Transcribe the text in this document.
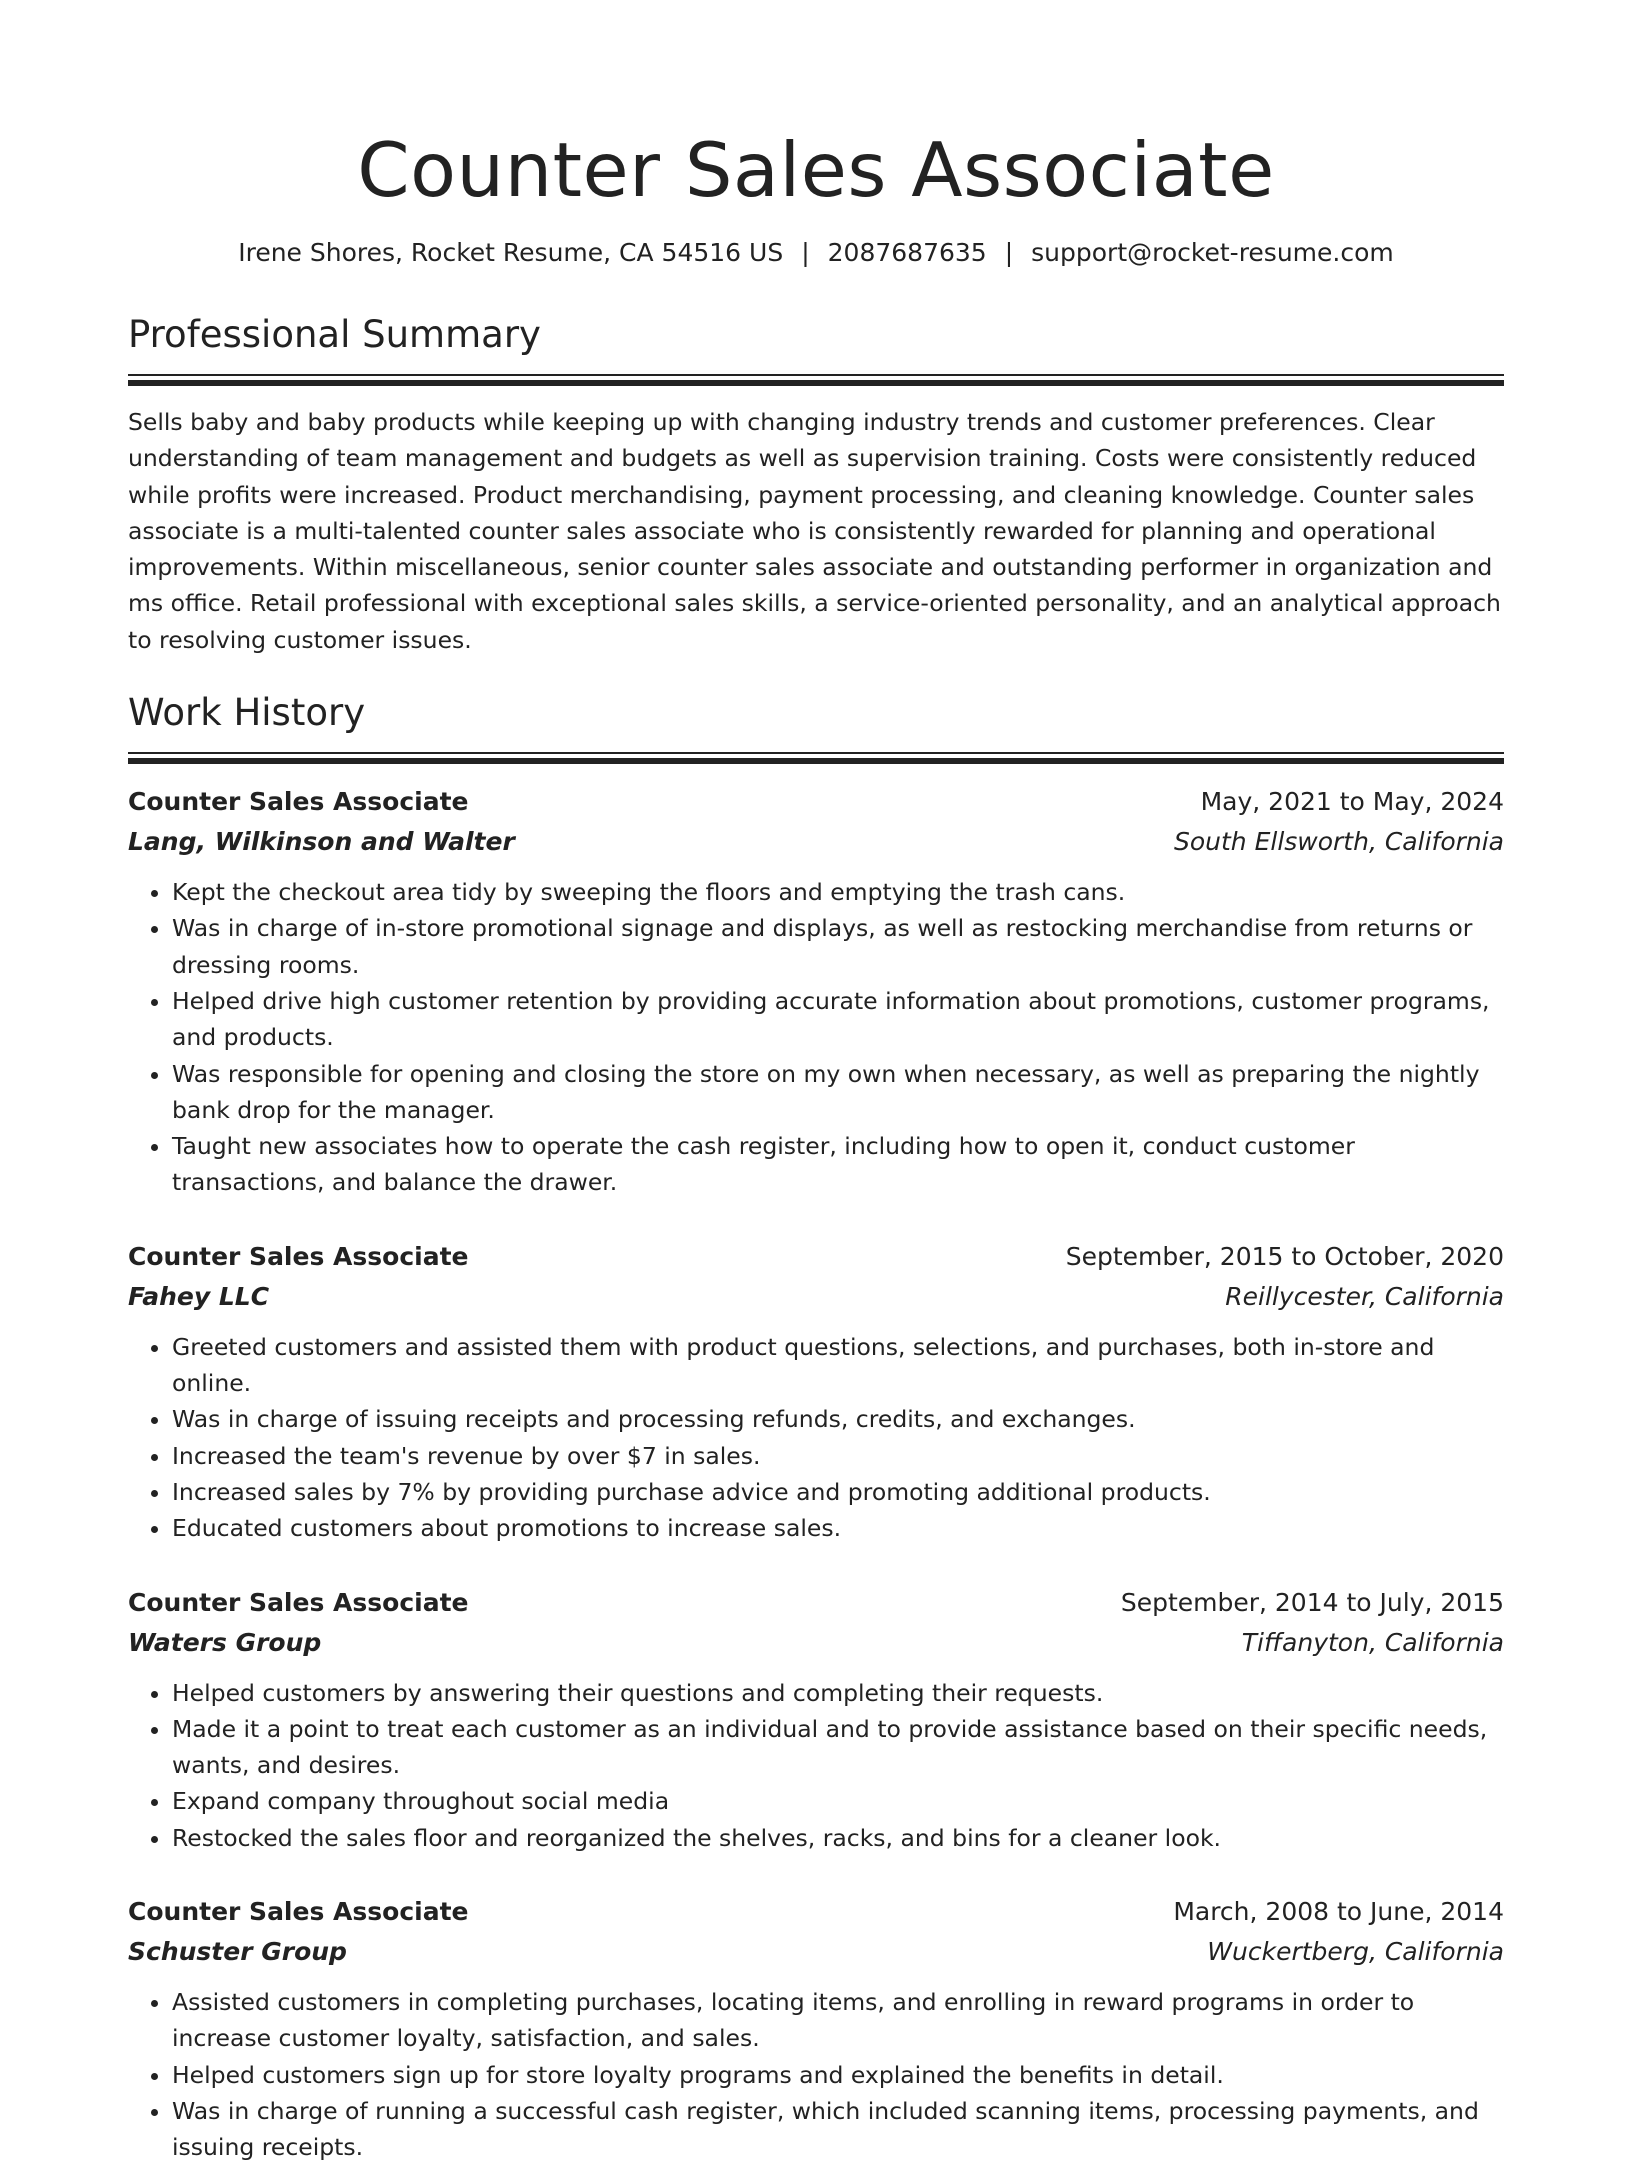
Counter Sales Associate
Irene Shores, Rocket Resume, CA 54516 US | 2087687635 | support@rocket-resume.com
Professional Summary

Sells baby and baby products while keeping up with changing industry trends and customer preferences. Clear understanding of team management and budgets as well as supervision training. Costs were consistently reduced while profits were increased. Product merchandising, payment processing, and cleaning knowledge. Counter sales associate is a multi-talented counter sales associate who is consistently rewarded for planning and operational improvements. Within miscellaneous, senior counter sales associate and outstanding performer in organization and ms office. Retail professional with exceptional sales skills, a service-oriented personality, and an analytical approach to resolving customer issues.

Work History
Counter Sales Associate	May, 2021 to May, 2024
Lang, Wilkinson and Walter	South Ellsworth, California
• Kept the checkout area tidy by sweeping the floors and emptying the trash cans.
• Was in charge of in-store promotional signage and displays, as well as restocking merchandise from returns or dressing rooms.
• Helped drive high customer retention by providing accurate information about promotions, customer programs, and products.
• Was responsible for opening and closing the store on my own when necessary, as well as preparing the nightly bank drop for the manager.
• Taught new associates how to operate the cash register, including how to open it, conduct customer transactions, and balance the drawer.
Counter Sales Associate	September, 2015 to October, 2020
Fahey LLC	Reillycester, California
• Greeted customers and assisted them with product questions, selections, and purchases, both in-store and online.
• Was in charge of issuing receipts and processing refunds, credits, and exchanges.
• Increased the team's revenue by over $7 in sales.
• Increased sales by 7% by providing purchase advice and promoting additional products.
• Educated customers about promotions to increase sales.
Counter Sales Associate	September, 2014 to July, 2015
Waters Group	Tiffanyton, California
• Helped customers by answering their questions and completing their requests.
• Made it a point to treat each customer as an individual and to provide assistance based on their specific needs, wants, and desires.
• Expand company throughout social media
• Restocked the sales floor and reorganized the shelves, racks, and bins for a cleaner look.
Counter Sales Associate	March, 2008 to June, 2014
Schuster Group	Wuckertberg, California
• Assisted customers in completing purchases, locating items, and enrolling in reward programs in order to increase customer loyalty, satisfaction, and sales.
• Helped customers sign up for store loyalty programs and explained the benefits in detail.
• Was in charge of running a successful cash register, which included scanning items, processing payments, and issuing receipts.
